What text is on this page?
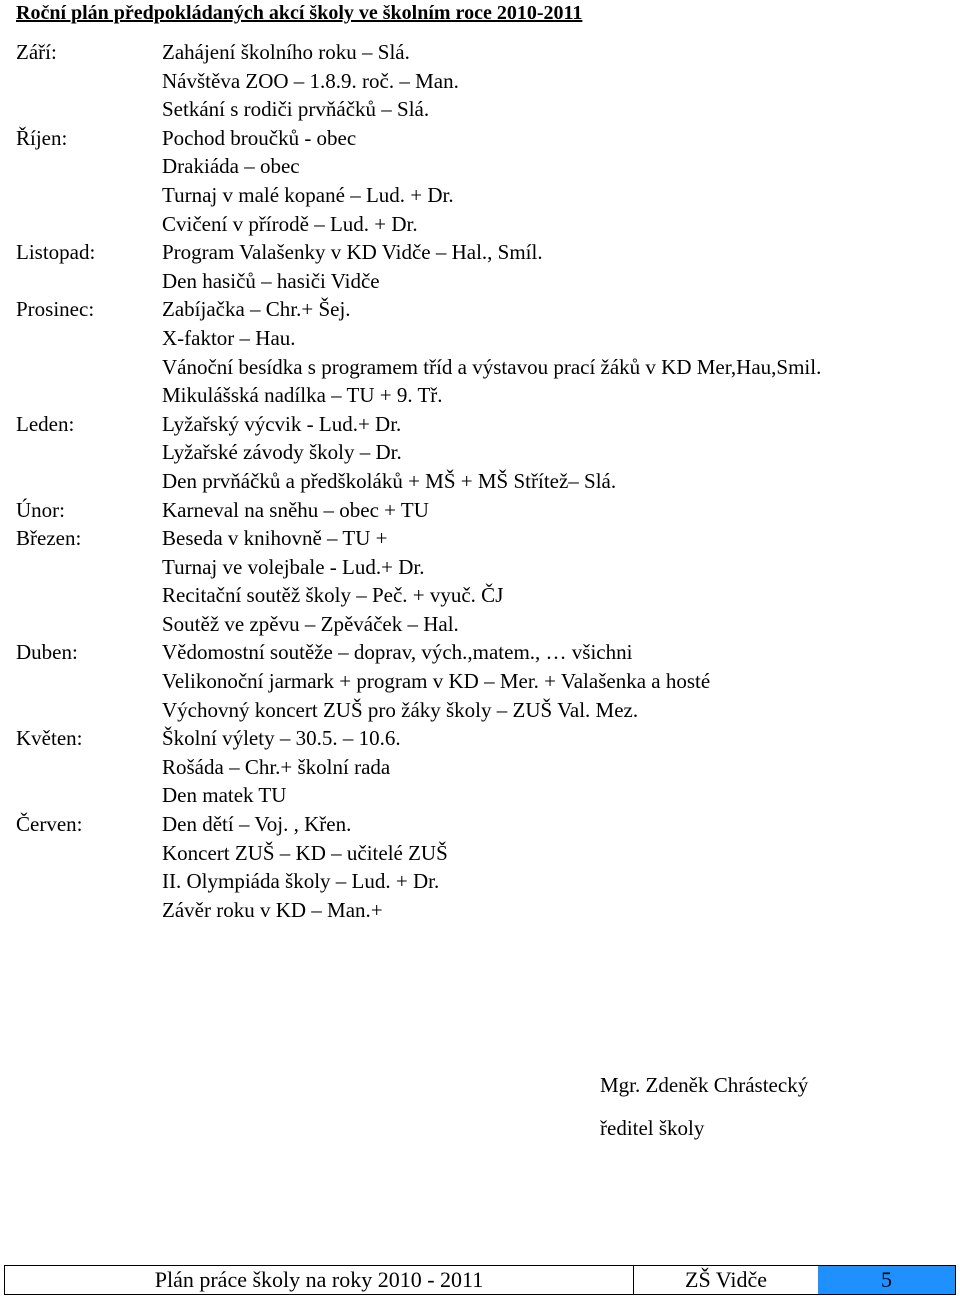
Roční plán předpokládaných akcí školy ve školním roce 2010-2011
Září:	Zahájení školního roku – Slá.
Návštěva ZOO – 1.8.9. roč. – Man.
Setkání s rodiči prvňáčků – Slá.
Říjen:	Pochod broučků - obec
Drakiáda – obec
Turnaj v malé kopané – Lud. + Dr.
Cvičení v přírodě – Lud. + Dr.
Listopad:	Program Valašenky v KD Vidče – Hal., Smíl.
Den hasičů – hasiči Vidče
Prosinec:	Zabíjačka – Chr.+ Šej.
X-faktor – Hau.
Vánoční besídka s programem tříd a výstavou prací žáků v KD Mer,Hau,Smil.
Mikulášská nadílka – TU + 9. Tř.
Leden:	Lyžařský výcvik - Lud.+ Dr.
Lyžařské závody školy – Dr.
Den prvňáčků a předškoláků + MŠ + MŠ Střítež– Slá.
Únor:	Karneval na sněhu – obec + TU
Březen:	Beseda v knihovně – TU +
Turnaj ve volejbale - Lud.+ Dr.
Recitační soutěž školy – Peč. + vyuč. ČJ
Soutěž ve zpěvu – Zpěváček – Hal.
Duben:	Vědomostní soutěže – doprav, vých.,matem., … všichni
Velikonoční jarmark + program v KD – Mer. + Valašenka a hosté
Výchovný koncert ZUŠ pro žáky školy – ZUŠ Val. Mez.
Květen:	Školní výlety – 30.5. – 10.6.
Rošáda – Chr.+ školní rada
Den matek TU
Červen:	Den dětí – Voj. , Křen.
Koncert ZUŠ – KD – učitelé ZUŠ
II. Olympiáda školy – Lud. + Dr.
Závěr roku v KD – Man.+
Mgr. Zdeněk Chrástecký
ředitel školy
Plán práce školy na roky 2010 - 2011	ZŠ Vidče	5
